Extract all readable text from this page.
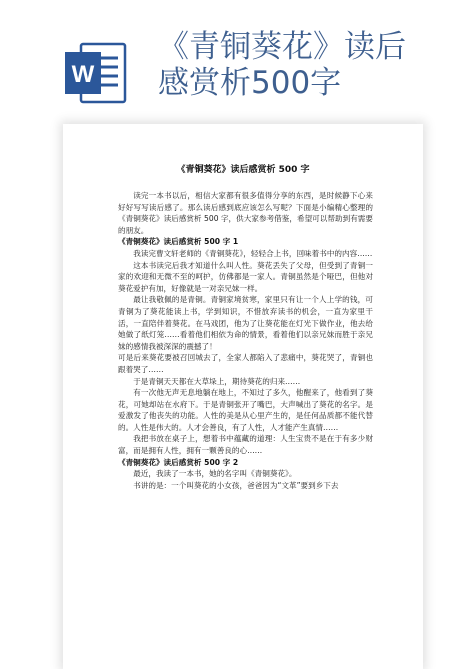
W
《青铜葵花》读后
感赏析500字
《青铜葵花》读后感赏析 500 字

读完一本书以后，相信大家都有很多值得分享的东西，是时候静下心来好好写写读后感了。那么读后感到底应该怎么写呢？下面是小编精心整理的《青铜葵花》读后感赏析 500 字，供大家参考借鉴，希望可以帮助到有需要的朋友。

《青铜葵花》读后感赏析 500 字 1

我读完曹文轩老师的《青铜葵花》，轻轻合上书，回味着书中的内容……

这本书读完后我才知道什么叫人性。葵花丢失了父母，但受到了青铜一家的欢迎和无微不至的呵护，仿佛都是一家人。青铜虽然是个哑巴，但他对葵花爱护有加，好像就是一对亲兄妹一样。

最让我敬佩的是青铜。青铜家境贫寒，家里只有让一个人上学的钱，可青铜为了葵花能读上书，学到知识，不惜放弃读书的机会，一直为家里干活，一直陪伴着葵花。在马戏团，他为了让葵花能在灯光下做作业，他去给她做了纸灯笼……看着他们相依为命的情景，看着他们以亲兄妹而胜于亲兄妹的感情我被深深的震撼了！

可是后来葵花要被召回城去了，全家人都陷入了悲痛中，葵花哭了，青铜也跟着哭了……

于是青铜天天都在大草垛上，期待葵花的归来……

有一次他无声无息地躺在地上，不知过了多久，他醒来了，他看到了葵花，可她却站在水府下。于是青铜张开了嘴巴，大声喊出了葵花的名字。是爱激发了他丧失的功能。人性的美是从心里产生的，是任何品质都不能代替的。人性是伟大的。人才会善良，有了人性，人才能产生真情……

我把书放在桌子上，想着书中蕴藏的道理：人生宝贵不是在于有多少财富，而是拥有人性，拥有一颗善良的心……

《青铜葵花》读后感赏析 500 字 2

最近，我读了一本书，她的名字叫《青铜葵花》。

书讲的是：一个叫葵花的小女孩，爸爸因为“文革”要到乡下去
